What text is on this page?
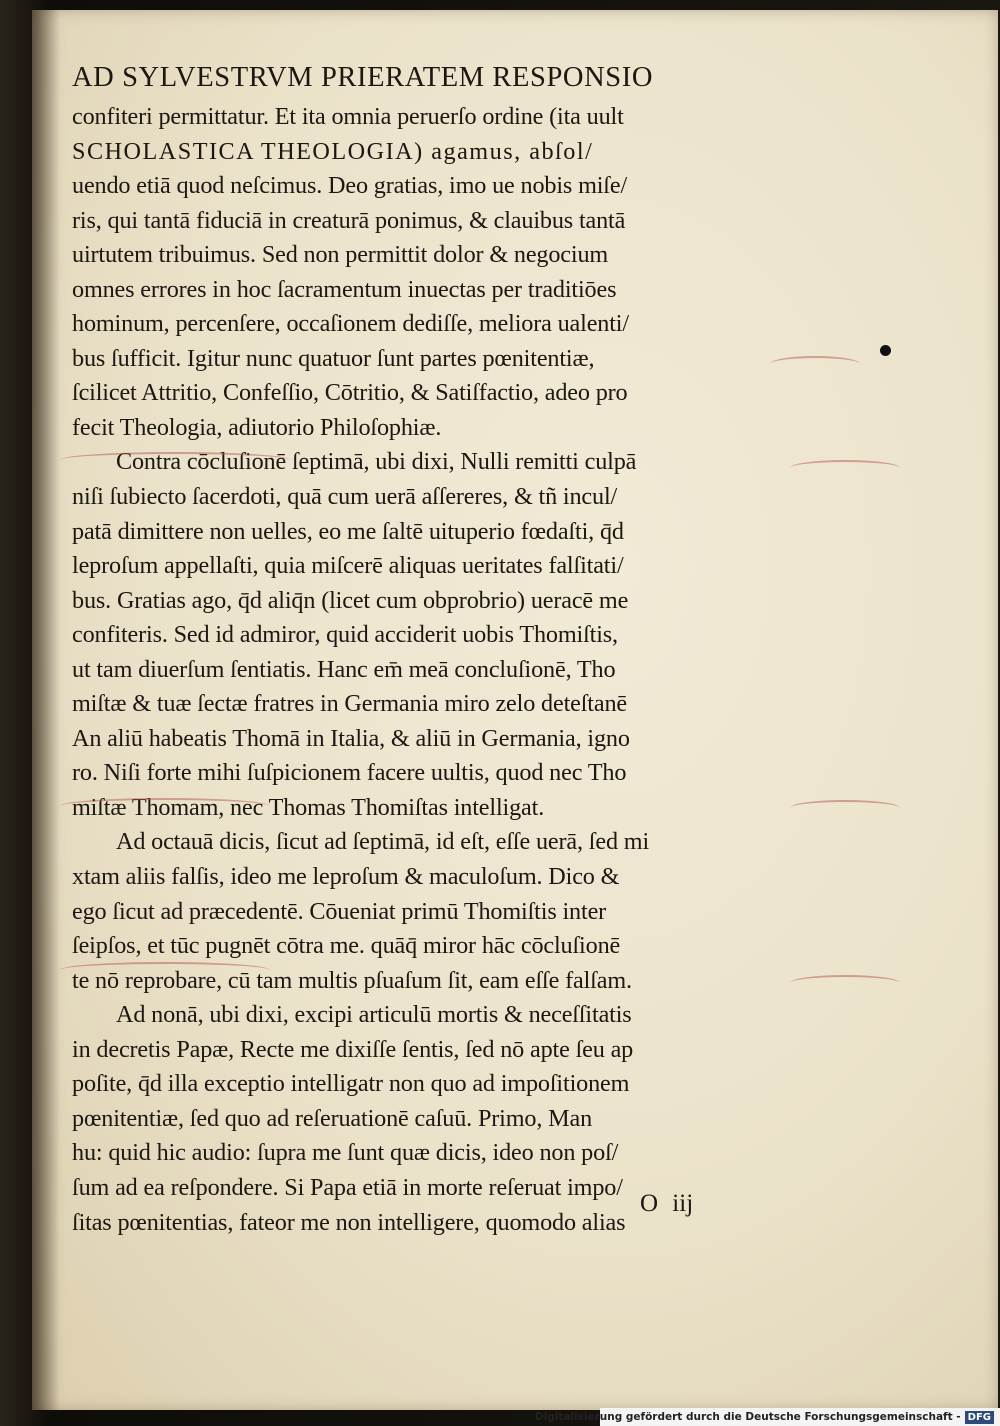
AD SYLVESTRVM PRIERATEM RESPONSIO
confiteri permittatur. Et ita omnia peruerſo ordine (ita uult
SCHOLASTICA THEOLOGIA) agamus, abſol/
uendo etiā quod neſcimus. Deo gratias, imo ue nobis miſe/
ris, qui tantā fiduciā in creaturā ponimus, & clauibus tantā
uirtutem tribuimus. Sed non permittit dolor & negocium
omnes errores in hoc ſacramentum inuectas per traditiōes
hominum, percenſere, occaſionem dediſſe, meliora ualenti/
bus ſufficit. Igitur nunc quatuor ſunt partes pœnitentiæ,
ſcilicet Attritio, Confeſſio, Cōtritio, & Satiſfactio, adeo pro
fecit Theologia, adiutorio Philoſophiæ.
Contra cōcluſionē ſeptimā, ubi dixi, Nulli remitti culpā
niſi ſubiecto ſacerdoti, quā cum uerā aſſereres, & tñ incul/
patā dimittere non uelles, eo me ſaltē uituperio fœdaſti, q̄d
leproſum appellaſti, quia miſcerē aliquas ueritates falſitati/
bus. Gratias ago, q̄d aliq̄n (licet cum obprobrio) ueracē me
confiteris. Sed id admiror, quid acciderit uobis Thomiſtis,
ut tam diuerſum ſentiatis. Hanc em̄ meā concluſionē, Tho
miſtæ & tuæ ſectæ fratres in Germania miro zelo deteſtanē
An aliū habeatis Thomā in Italia, & aliū in Germania, igno
ro. Niſi forte mihi ſuſpicionem facere uultis, quod nec Tho
miſtæ Thomam, nec Thomas Thomiſtas intelligat.
Ad octauā dicis, ſicut ad ſeptimā, id eſt, eſſe uerā, ſed mi
xtam aliis falſis, ideo me leproſum & maculoſum. Dico &
ego ſicut ad præcedentē. Cōueniat primū Thomiſtis inter
ſeipſos, et tūc pugnēt cōtra me. quāq̄ miror hāc cōcluſionē
te nō reprobare, cū tam multis pſuaſum ſit, eam eſſe falſam.
Ad nonā, ubi dixi, excipi articulū mortis & neceſſitatis
in decretis Papæ, Recte me dixiſſe ſentis, ſed nō apte ſeu ap
poſite, q̄d illa exceptio intelligatr non quo ad impoſitionem
pœnitentiæ, ſed quo ad reſeruationē caſuū. Primo, Man
hu: quid hic audio: ſupra me ſunt quæ dicis, ideo non poſ/
ſum ad ea reſpondere. Si Papa etiā in morte reſeruat impo/
ſitas pœnitentias, fateor me non intelligere, quomodo alias
O iij
Digitalisierung gefördert durch die Deutsche Forschungsgemeinschaft - DFG
